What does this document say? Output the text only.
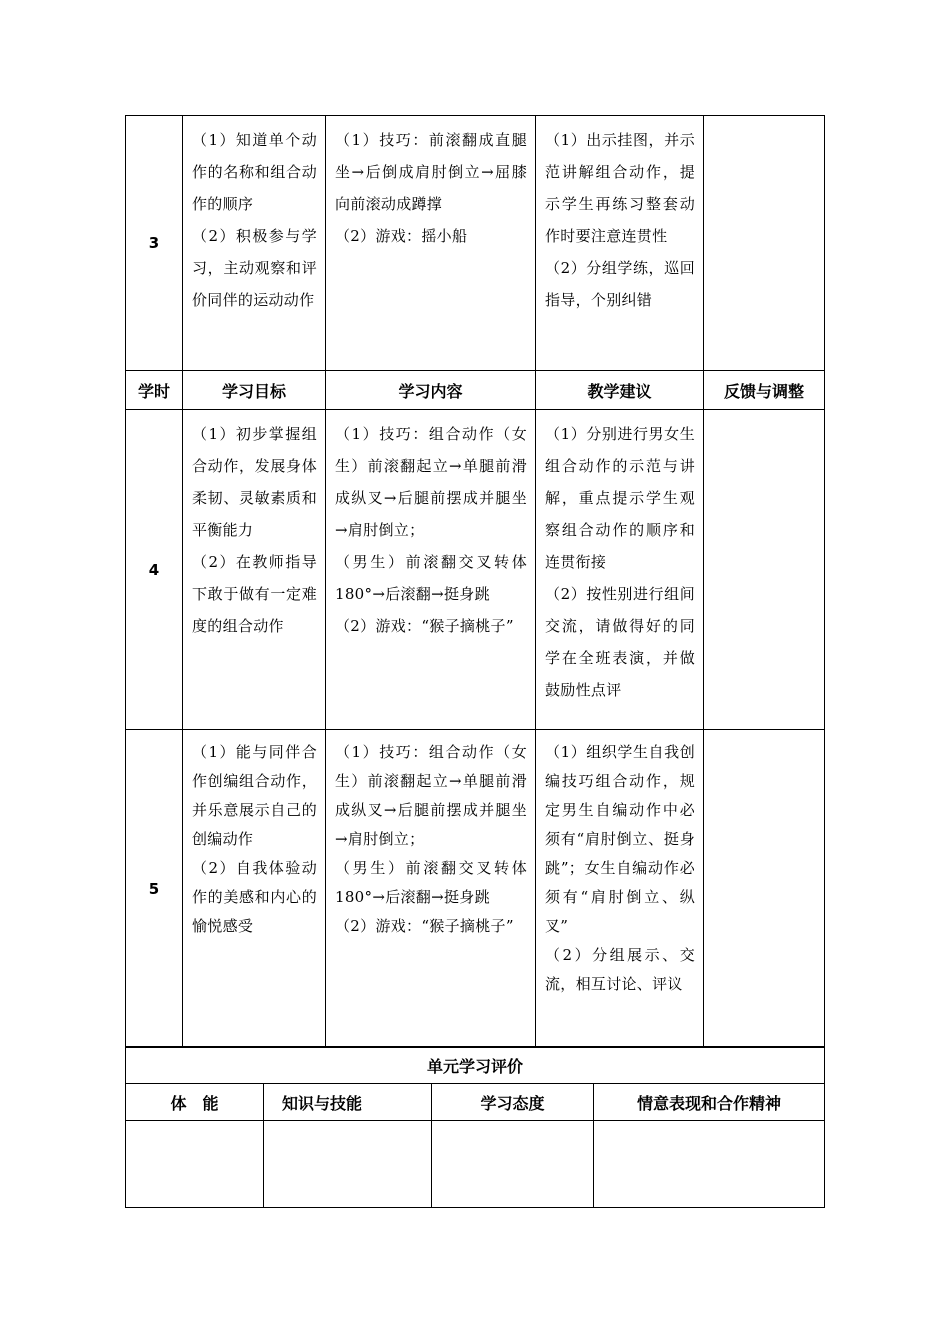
3	（1）知道单个动作的名称和组合动作的顺序
（2）积极参与学习，主动观察和评价同伴的运动动作	（1）技巧：前滚翻成直腿坐→后倒成肩肘倒立→屈膝向前滚动成蹲撑
（2）游戏：摇小船	（1）出示挂图，并示范讲解组合动作，提示学生再练习整套动作时要注意连贯性
（2）分组学练，巡回指导，个别纠错	

学时	学习目标	学习内容	教学建议	反馈与调整
4	（1）初步掌握组合动作，发展身体柔韧、灵敏素质和平衡能力
（2）在教师指导下敢于做有一定难度的组合动作	（1）技巧：组合动作（女生）前滚翻起立→单腿前滑成纵叉→后腿前摆成并腿坐→肩肘倒立；
（男生）前滚翻交叉转体180°→后滚翻→挺身跳
（2）游戏：“猴子摘桃子”	（1）分别进行男女生组合动作的示范与讲解，重点提示学生观察组合动作的顺序和连贯衔接
（2）按性别进行组间交流，请做得好的同学在全班表演，并做鼓励性点评	

5	（1）能与同伴合作创编组合动作，并乐意展示自己的创编动作
（2）自我体验动作的美感和内心的愉悦感受	（1）技巧：组合动作（女生）前滚翻起立→单腿前滑成纵叉→后腿前摆成并腿坐→肩肘倒立；
（男生）前滚翻交叉转体180°→后滚翻→挺身跳
（2）游戏：“猴子摘桃子”	（1）组织学生自我创编技巧组合动作，规定男生自编动作中必须有“肩肘倒立、挺身跳”；女生自编动作必须有“肩肘倒立、纵叉”
（2）分组展示、交流，相互讨论、评议	

单元学习评价			
体　能	知识与技能	学习态度	情意表现和合作精神
